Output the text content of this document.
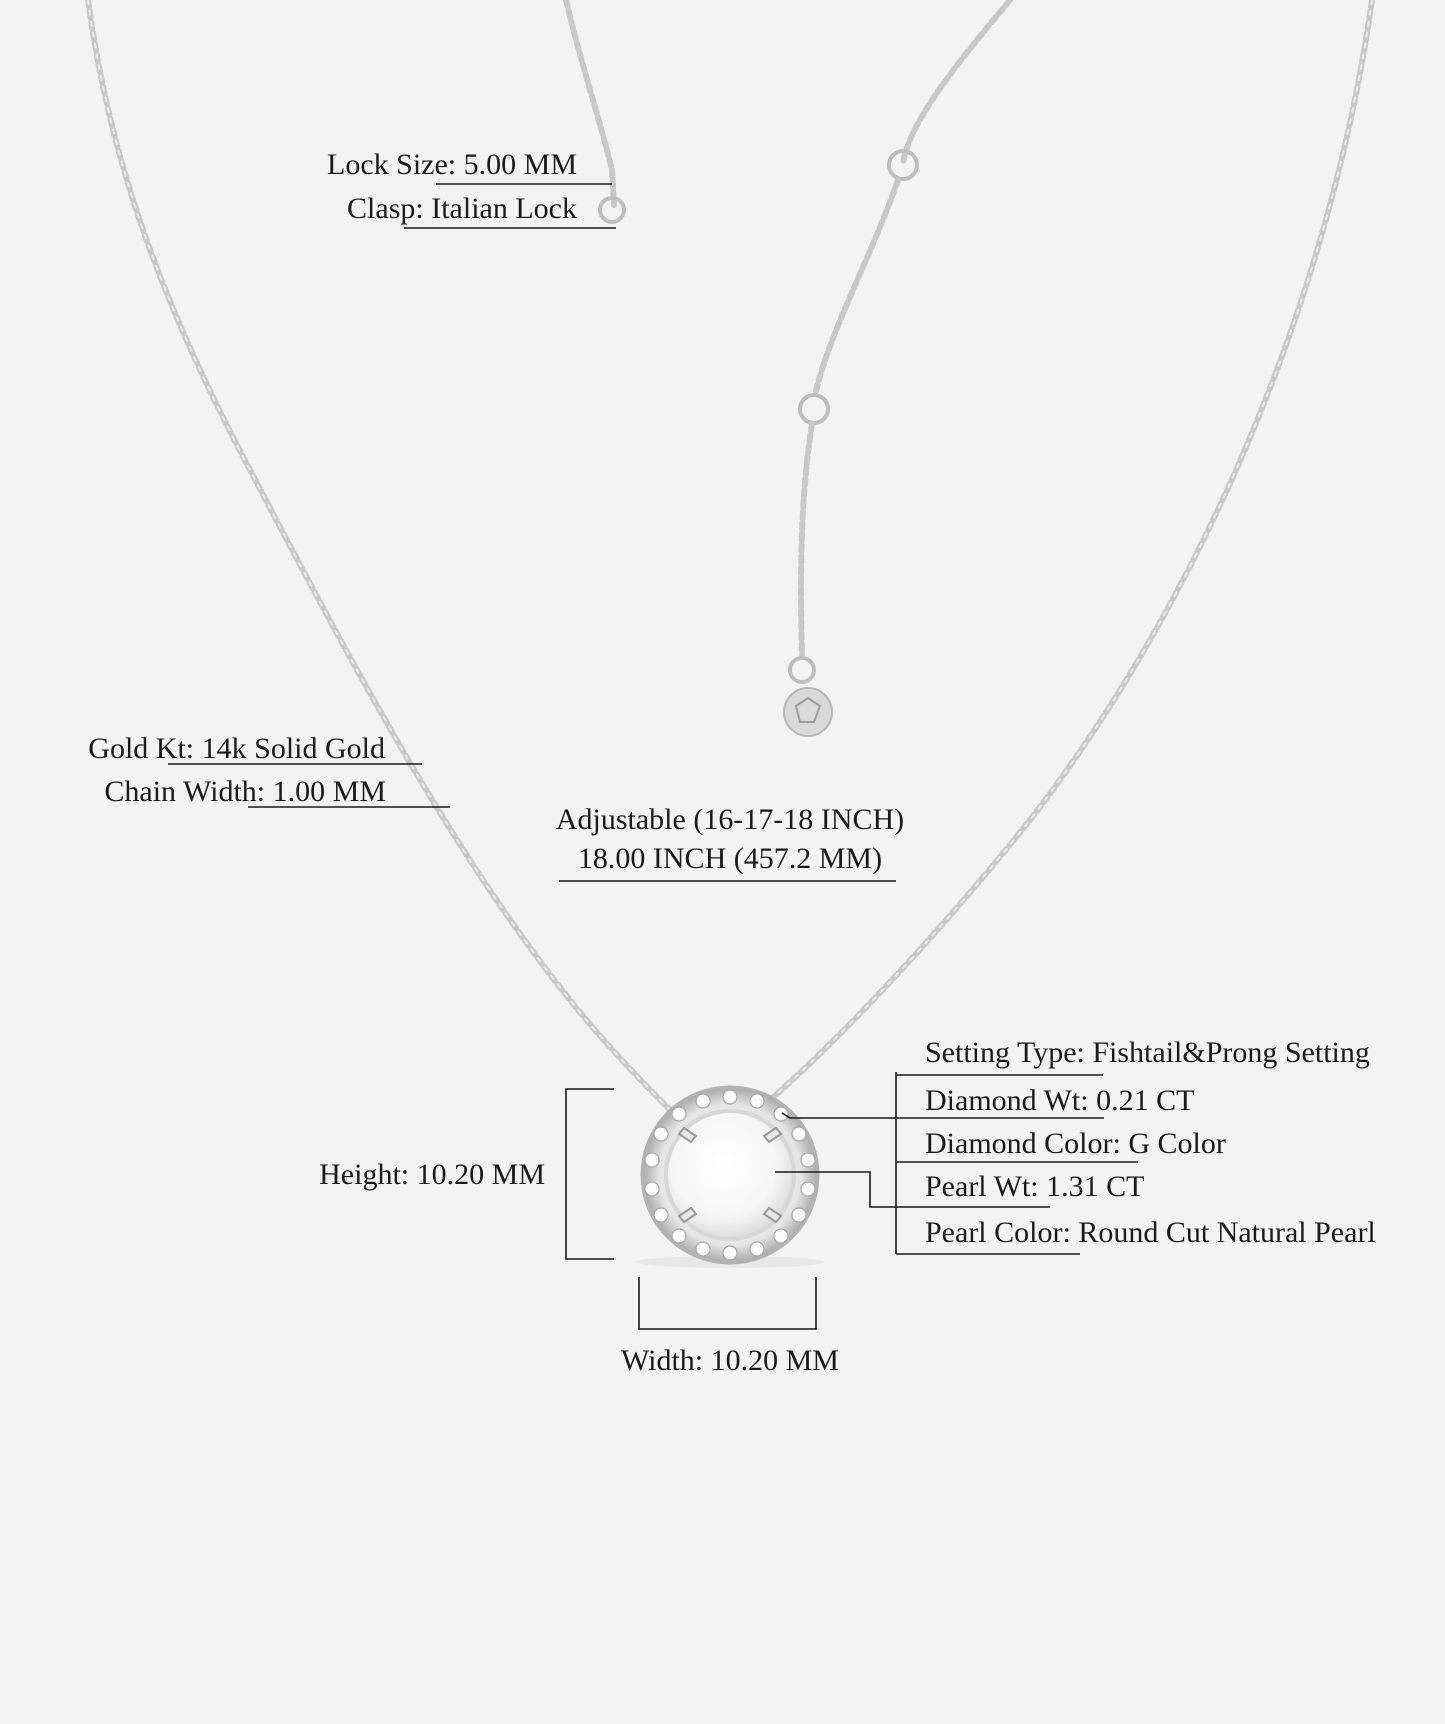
Lock Size: 5.00 MM
Clasp: Italian Lock
Gold Kt: 14k Solid Gold
Chain Width: 1.00 MM
Adjustable (16-17-18 INCH)
18.00 INCH (457.2 MM)
Height: 10.20 MM
Width: 10.20 MM
Setting Type: Fishtail&Prong Setting
Diamond Wt: 0.21 CT
Diamond Color: G Color
Pearl Wt: 1.31 CT
Pearl Color: Round Cut Natural Pearl
